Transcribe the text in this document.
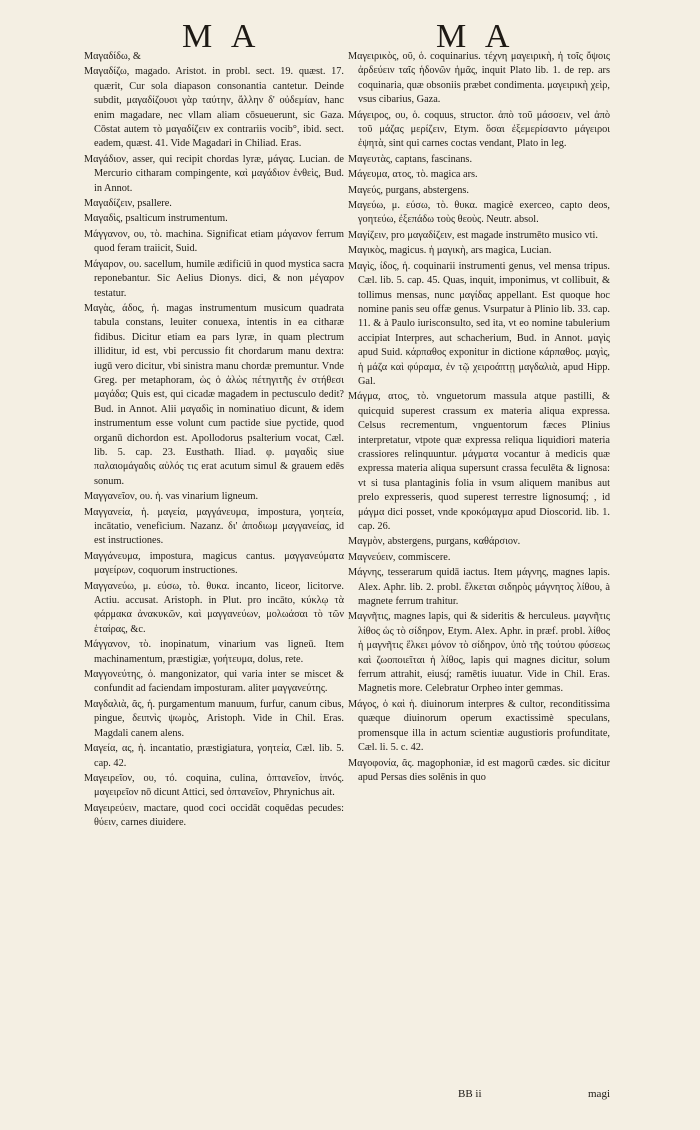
M A	M A
Μαγαδίδω, &
Μαγαδίζω, magado. Aristot. in probl. sect. 19. quæst. 17. quærit, Cur sola diapason consonantia cantetur. Deinde subdit, μαγαδίζουσι γὰρ ταύτην, ἄλλην δ' οὐδεμίαν, hanc enim magadare, nec vllam aliam cōsueuerunt, sic Gaza. Cōstat autem τὸ μαγαδίζειν ex contrariis vocib°, ibid. sect. eadem, quæst. 41. Vide Magadari in Chiliad. Eras.
Μαγάδιον, asser, qui recipit chordas lyræ, μάγας. Lucian. de Mercurio citharam compingente, καὶ μαγάδιον ἐνθεὶς, Bud. in Annot.
Μαγαδίζειν, psallere.
Μαγαδὶς, psalticum instrumentum.
Μάγγανον, ου, τὸ. machina. Significat etiam μάγανον ferrum quod feram traiicit, Suid.
Μάγαρον, ου. sacellum, humile ædificiū in quod mystica sacra reponebantur. Sic Aelius Dionys. dici, & non μέγαρον testatur.
Μαγὰς, άδος, ἡ. magas instrumentum musicum quadrata tabula constans, leuiter conuexa, intentis in ea citharæ fidibus. Dicitur etiam ea pars lyræ, in quam plectrum illiditur, id est, vbi percussio fit chordarum manu dextra: iugū vero dicitur, vbi sinistra manu chordæ premuntur. Vnde Greg. per metaphoram, ὡς ὁ ἀλὼς πέτηγιτῆς ἐν στήθεσι μαγάδα; Quis est, qui cicadæ magadem in pectusculo dedit? Bud. in Annot. Alii μαγαδὶς in nominatiuo dicunt, & idem instrumentum esse volunt cum pactide siue pyctide, quod organū dichordon est. Apollodorus psalterium vocat, Cæl. lib. 5. cap. 23. Eusthath. Iliad. φ. μαγαδὶς siue παλαιομάγαδις αὐλός τις erat acutum simul & grauem edēs sonum.
Μαγγανεῖον, ου. ἡ. vas vinarium ligneum.
Μαγγανεία, ἡ. μαγεία, μαγγάνευμα, impostura, γοητεία, incātatio, veneficium. Nazanz. δι' ἀποδιωμ μαγγανείας, id est instructiones.
Μαγγάνευμα, impostura, magicus cantus. μαγγανεύματα μαγείρων, coquorum instructiones.
Μαγγανεύω, μ. εύσω, τὸ. θυκα. incanto, liceor, licitorve. Actiu. accusat. Aristoph. in Plut. pro incāto, κύκλῳ τὰ φάρμακα ἀνακυκῶν, καὶ μαγγανεύων, μολωάσαι τὸ τῶν ἑταίρας, &c.
Μάγγανον, τὸ. inopinatum, vinarium vas ligneū. Item machinamentum, præstigiæ, γοήτευμα, dolus, rete.
Μαγγονεύτης, ὁ. mangonizator, qui varia inter se miscet & confundit ad faciendam imposturam. aliter μαγγανεύτης.
Μαγδαλιὰ, ᾶς, ἡ. purgamentum manuum, furfur, canum cibus, pingue, δειπνὶς ψωμὸς, Aristoph. Vide in Chil. Eras. Magdali canem alens.
Μαγεία, ας, ἡ. incantatio, præstigiatura, γοητεία, Cæl. lib. 5. cap. 42.
Μαγειρεῖον, ου, τό. coquina, culina, ὀπτανεῖον, ἰπνός. μαγειρεῖον nō dicunt Attici, sed ὀπτανεῖον, Phrynichus ait.
Μαγειρεύειν, mactare, quod coci occidāt coquēdas pecudes: θύειν, carnes diuidere.
Μαγειρικὸς, οῦ, ὁ. coquinarius. τέχνη μαγειρικὴ, ἡ τοῖς ὄψοις ἀρδεύειν ταῖς ἡδονῶν ἡμᾶς, inquit Plato lib. 1. de rep. ars coquinaria, quæ obsoniis præbet condimenta. μαγειρικὴ χεὶρ, vsus cibarius, Gaza.
Μάγειρος, ου, ὁ. coquus, structor. ἀπὸ τοῦ μάσσειν, vel ἀπὸ τοῦ μάζας μερίζειν, Etym. ὅσαι ἐξεμερίσαντο μάγειροι ἐψητὰ, sint qui carnes coctas vendant, Plato in leg.
Μαγευτὰς, captans, fascinans.
Μάγευμα, ατος, τὸ. magica ars.
Μαγεύς, purgans, abstergens.
Μαγεύω, μ. εύσω, τὸ. θυκα. magicè exerceo, capto deos, γοητεύω, ἐξεπάδω τοὺς θεοὺς. Neutr. absol.
Μαγίζειν, pro μαγαδίζειν, est magade instrumēto musico vti.
Μαγικὸς, magicus. ἡ μαγικὴ, ars magica, Lucian.
Μαγὶς, ίδος, ἡ. coquinarii instrumenti genus, vel mensa tripus. Cæl. lib. 5. cap. 45. Quas, inquit, imponimus, vt collibuit, & tollimus mensas, nunc μαγίδας appellant. Est quoque hoc nomine panis seu offæ genus. Vsurpatur à Plinio lib. 33. cap. 11. & à Paulo iurisconsulto, sed ita, vt eo nomine tabulerium accipiat Interpres, aut schacherium, Bud. in Annot. μαγὶς apud Suid. κάρπαθος exponitur in dictione κάρπαθος. μαγὶς, ἡ μάζα καὶ φύραμα, ἐν τῷ χειροάπτῃ μαγδαλιὰ, apud Hipp. Gal.
Μάγμα, ατος, τὸ. vnguetorum massula atque pastilli, & quicquid superest crassum ex materia aliqua expressa. Celsus recrementum, vnguentorum fæces Plinius interpretatur, vtpote quæ expressa reliqua liquidiori materia crassiores relinquuntur. μάγματα vocantur à medicis quæ expressa materia aliqua supersunt crassa feculēta & lignosa: vt si tusa plantaginis folia in vsum aliquem manibus aut prelo expresseris, quod superest terrestre lignosumq́; , id μάγμα dici posset, vnde κροκόμαγμα apud Dioscorid. lib. 1. cap. 26.
Μαγμὸν, abstergens, purgans, καθάρσιον.
Μαγνεύειν, commiscere.
Μάγνης, tesserarum quidā iactus. Item μάγνης, magnes lapis. Alex. Aphr. lib. 2. probl. ἕλκεται σιδηρὸς μάγνητος λίθου, à magnete ferrum trahitur.
Μαγνῆτις, magnes lapis, qui & sideritis & herculeus. μαγνῆτις λίθος ὡς τὸ σίδηρον, Etym. Alex. Aphr. in præf. probl. λίθος ἡ μαγνῆτις ἕλκει μόνον τὸ σίδηρον, ὑπὸ τῆς τούτου φύσεως καὶ ζωοποιεῖται ἡ λίθος, lapis qui magnes dicitur, solum ferrum attrahit, eiusq́; ramētis iuuatur. Vide in Chil. Eras. Magnetis more. Celebratur Orpheo inter gemmas.
Μάγος, ὁ καὶ ἡ. diuinorum interpres & cultor, reconditissima quæque diuinorum operum exactissimè speculans, promensque illa in actum scientiæ augustioris profunditate, Cæl. li. 5. c. 42.
Μαγοφονία, ᾶς. magophoniæ, id est magorū cædes. sic dicitur apud Persas dies solēnis in quo
BB ii	magi
